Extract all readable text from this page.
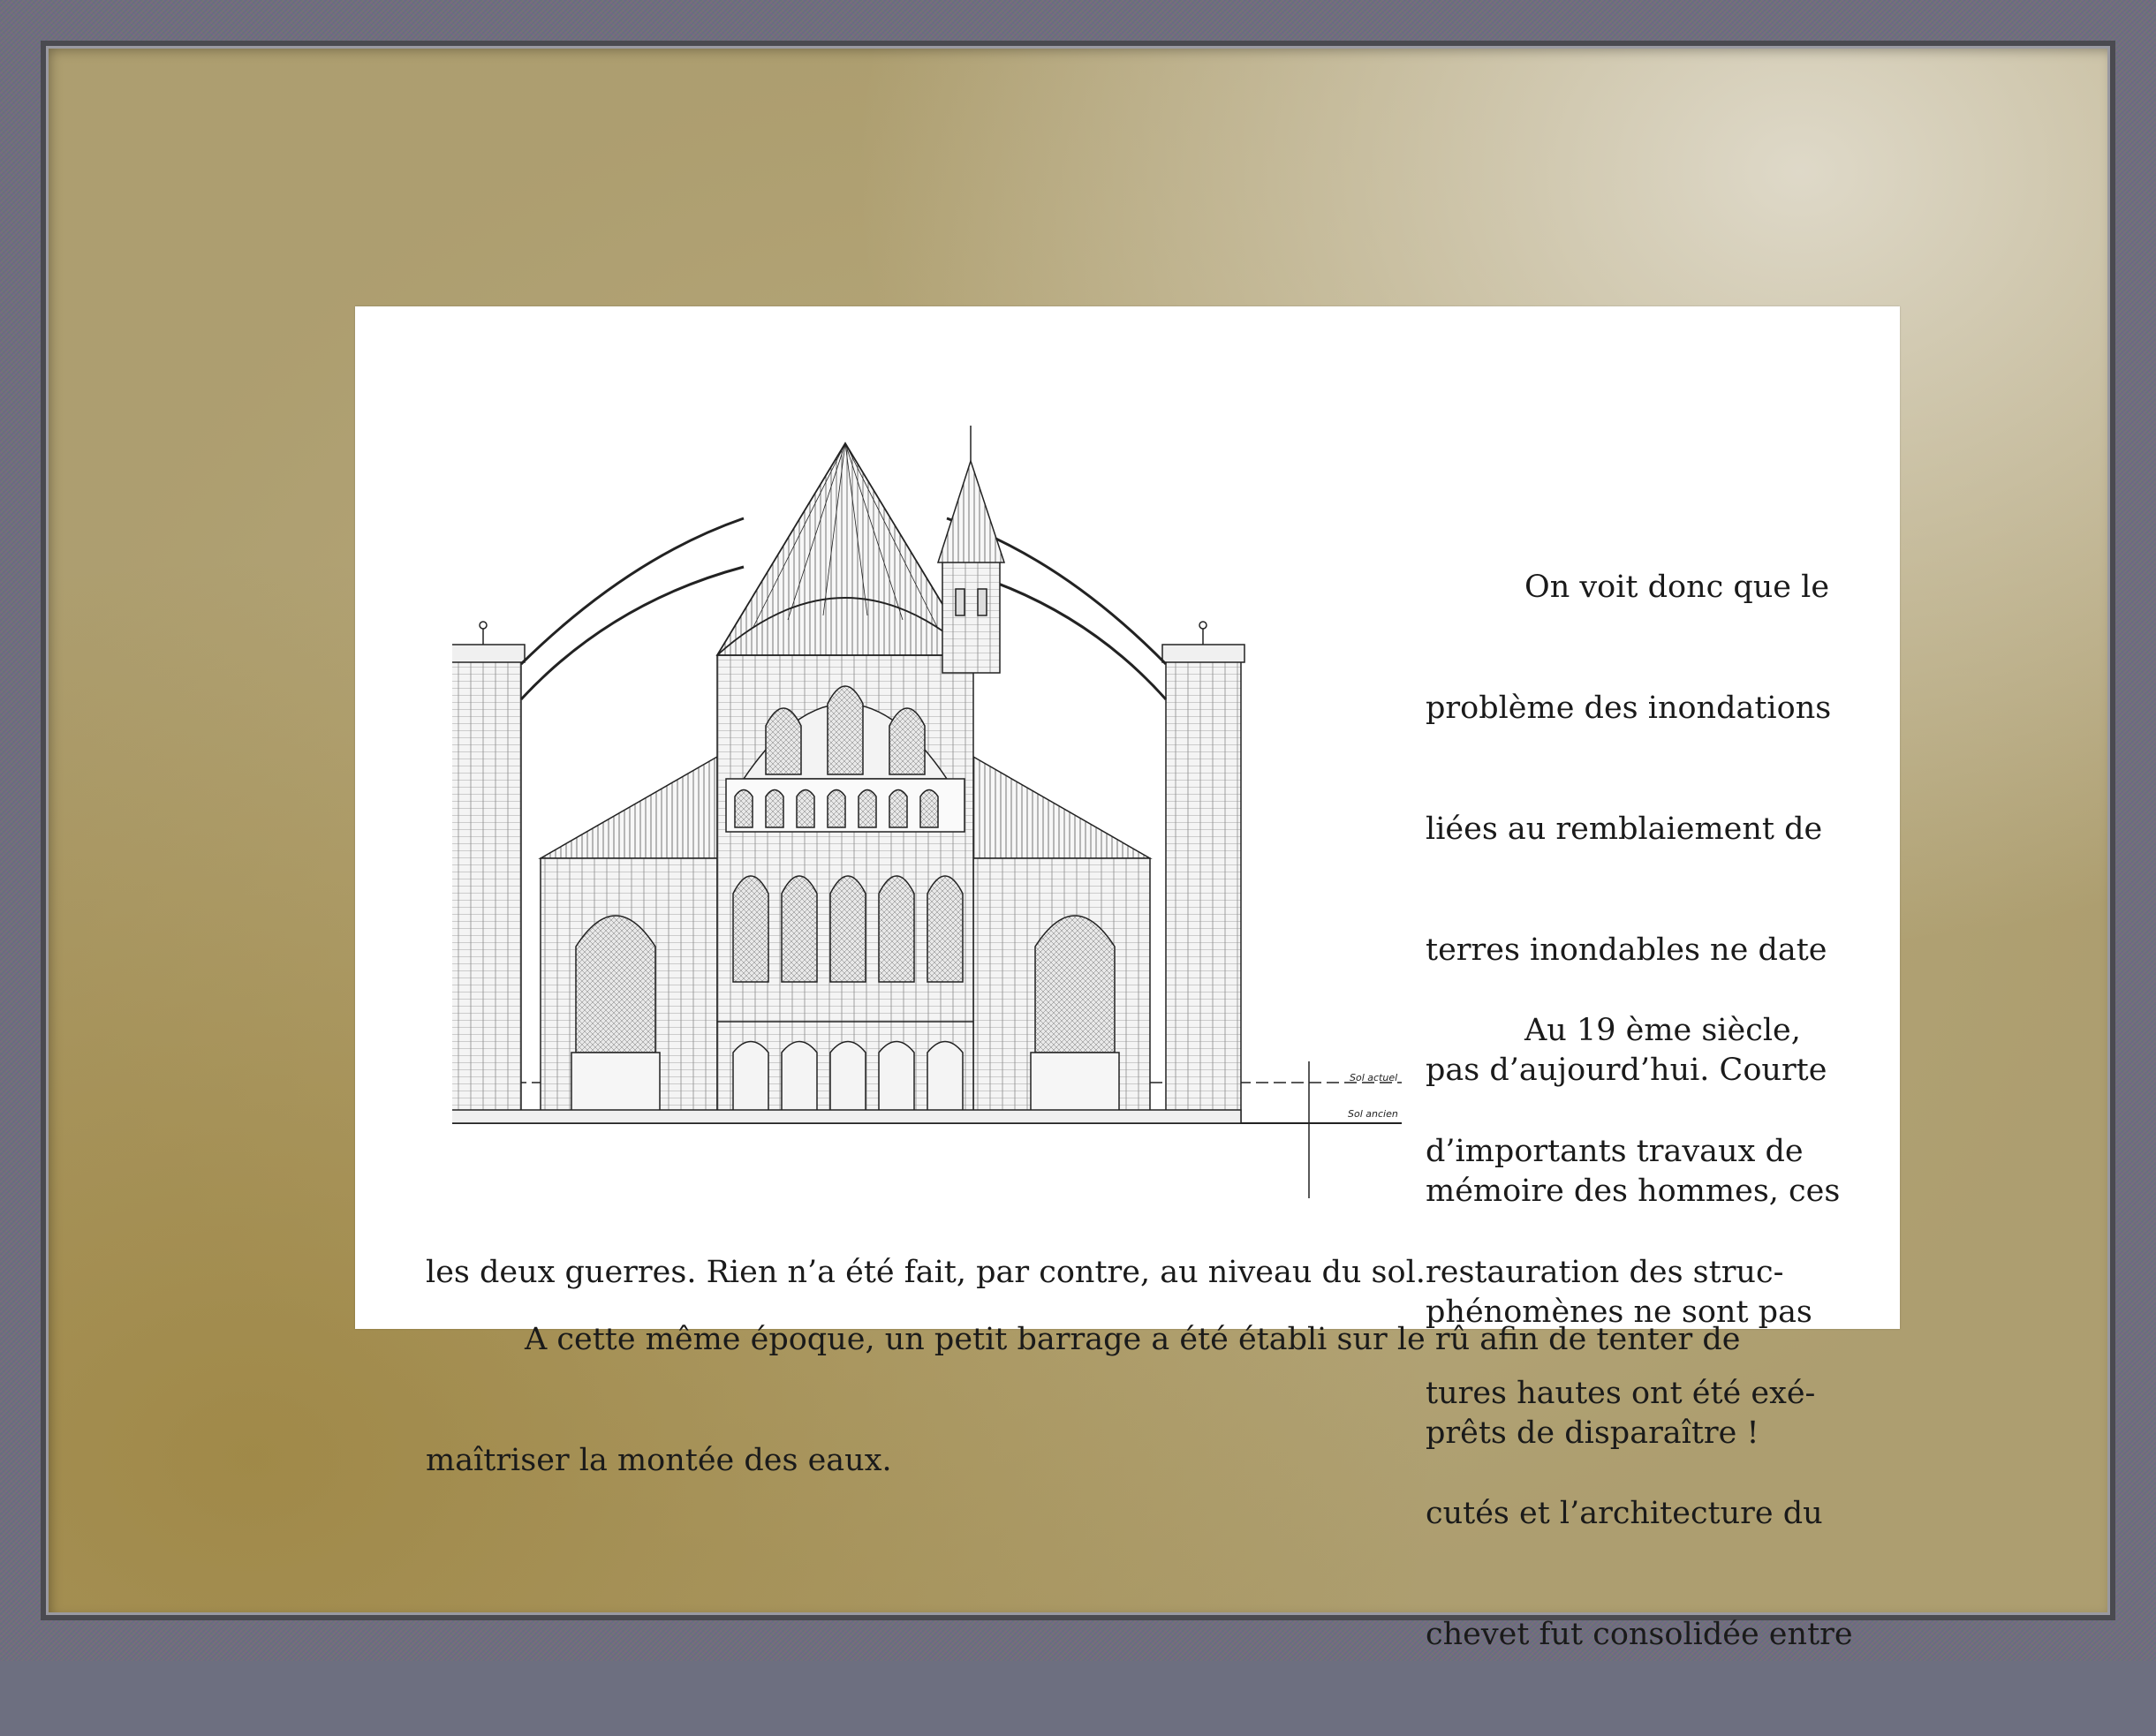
Sol actuel
Sol ancien

On voit donc que le

problème des inondations

liées au remblaiement de

terres inondables ne date

pas d’aujourd’hui. Courte

mémoire des hommes, ces

phénomènes ne sont pas

prêts de disparaître !

Au 19 ème siècle,

d’importants travaux de

restauration des struc-

tures hautes ont été exé-

cutés et l’architecture du

chevet fut consolidée entre

les deux guerres. Rien n’a été fait, par contre, au niveau du sol.

A cette même époque, un petit barrage a été établi sur le rû afin de tenter de

maîtriser la montée des eaux.
